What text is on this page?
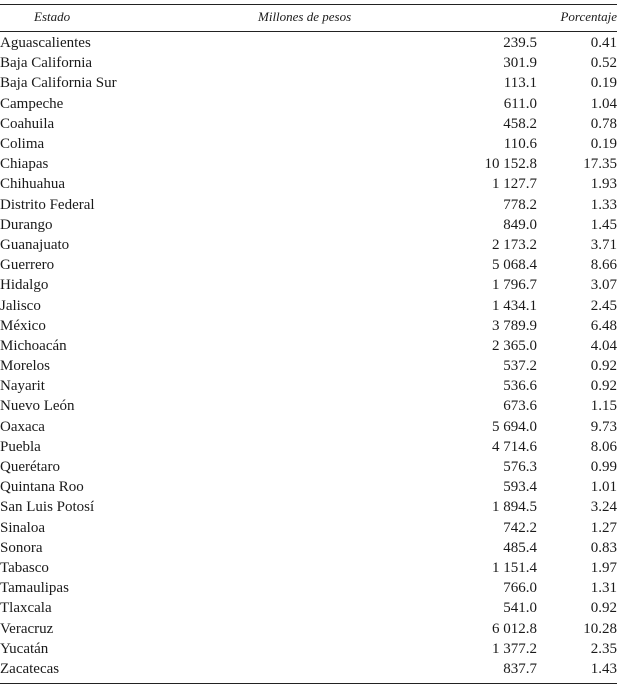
Estado	Millones de pesos	Porcentaje
Aguascalientes	239.5	0.41
Baja California	301.9	0.52
Baja California Sur	113.1	0.19
Campeche	611.0	1.04
Coahuila	458.2	0.78
Colima	110.6	0.19
Chiapas	10 152.8	17.35
Chihuahua	1 127.7	1.93
Distrito Federal	778.2	1.33
Durango	849.0	1.45
Guanajuato	2 173.2	3.71
Guerrero	5 068.4	8.66
Hidalgo	1 796.7	3.07
Jalisco	1 434.1	2.45
México	3 789.9	6.48
Michoacán	2 365.0	4.04
Morelos	537.2	0.92
Nayarit	536.6	0.92
Nuevo León	673.6	1.15
Oaxaca	5 694.0	9.73
Puebla	4 714.6	8.06
Querétaro	576.3	0.99
Quintana Roo	593.4	1.01
San Luis Potosí	1 894.5	3.24
Sinaloa	742.2	1.27
Sonora	485.4	0.83
Tabasco	1 151.4	1.97
Tamaulipas	766.0	1.31
Tlaxcala	541.0	0.92
Veracruz	6 012.8	10.28
Yucatán	1 377.2	2.35
Zacatecas	837.7	1.43
